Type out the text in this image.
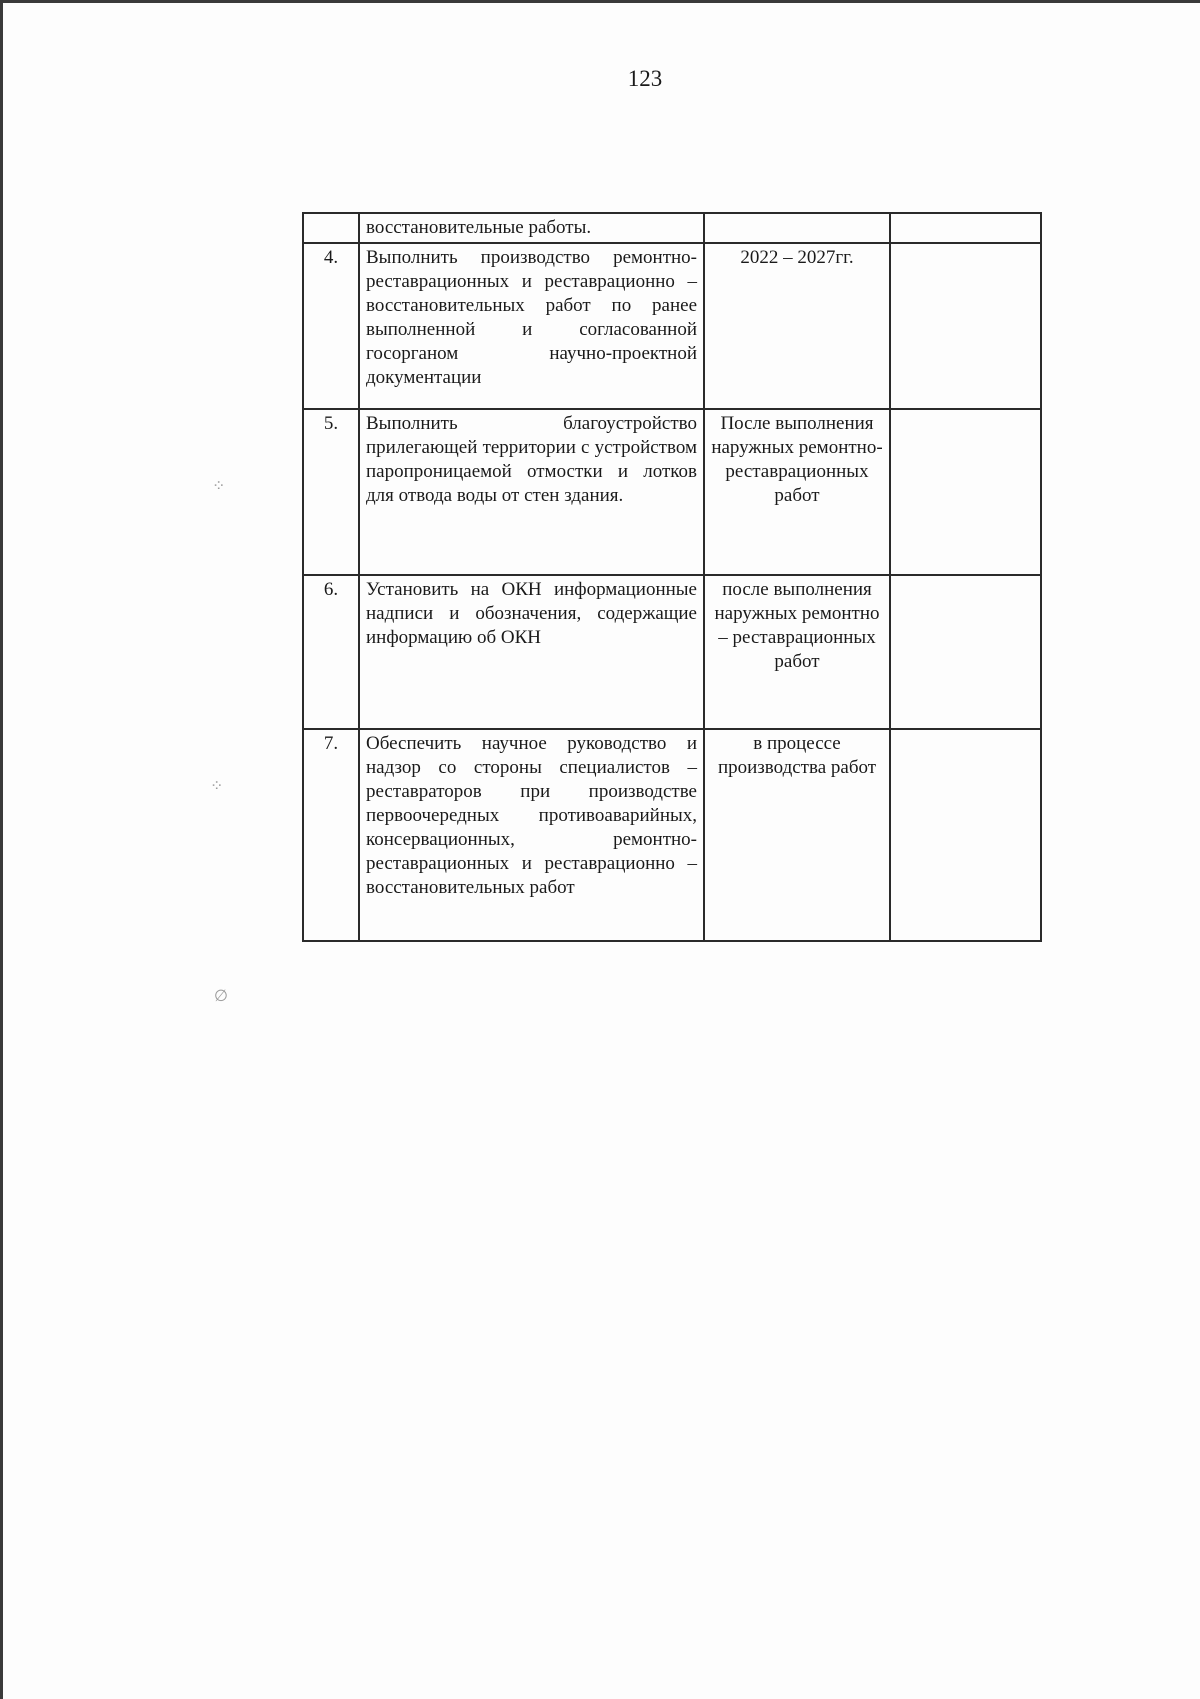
123
	восстановительные работы.		
4.	Выполнить производство ремонтно-реставрационных и реставрационно – восстановительных работ по ранее выполненной и согласованной госорганом научно-проектной документации	2022 – 2027гг.	
5.	Выполнить благоустройство прилегающей территории с устройством паропроницаемой отмостки и лотков для отвода воды от стен здания.	После выполнения наружных ремонтно-реставрационных работ	
6.	Установить на ОКН информационные надписи и обозначения, содержащие информацию об ОКН	после выполнения наружных ремонтно – реставрационных работ	
7.	Обеспечить научное руководство и надзор со стороны специалистов – реставраторов при производстве первоочередных противоаварийных, консервационных, ремонтно-реставрационных и реставрационно – восстановительных работ	в процессе производства работ	
⁘
⁘
∅
